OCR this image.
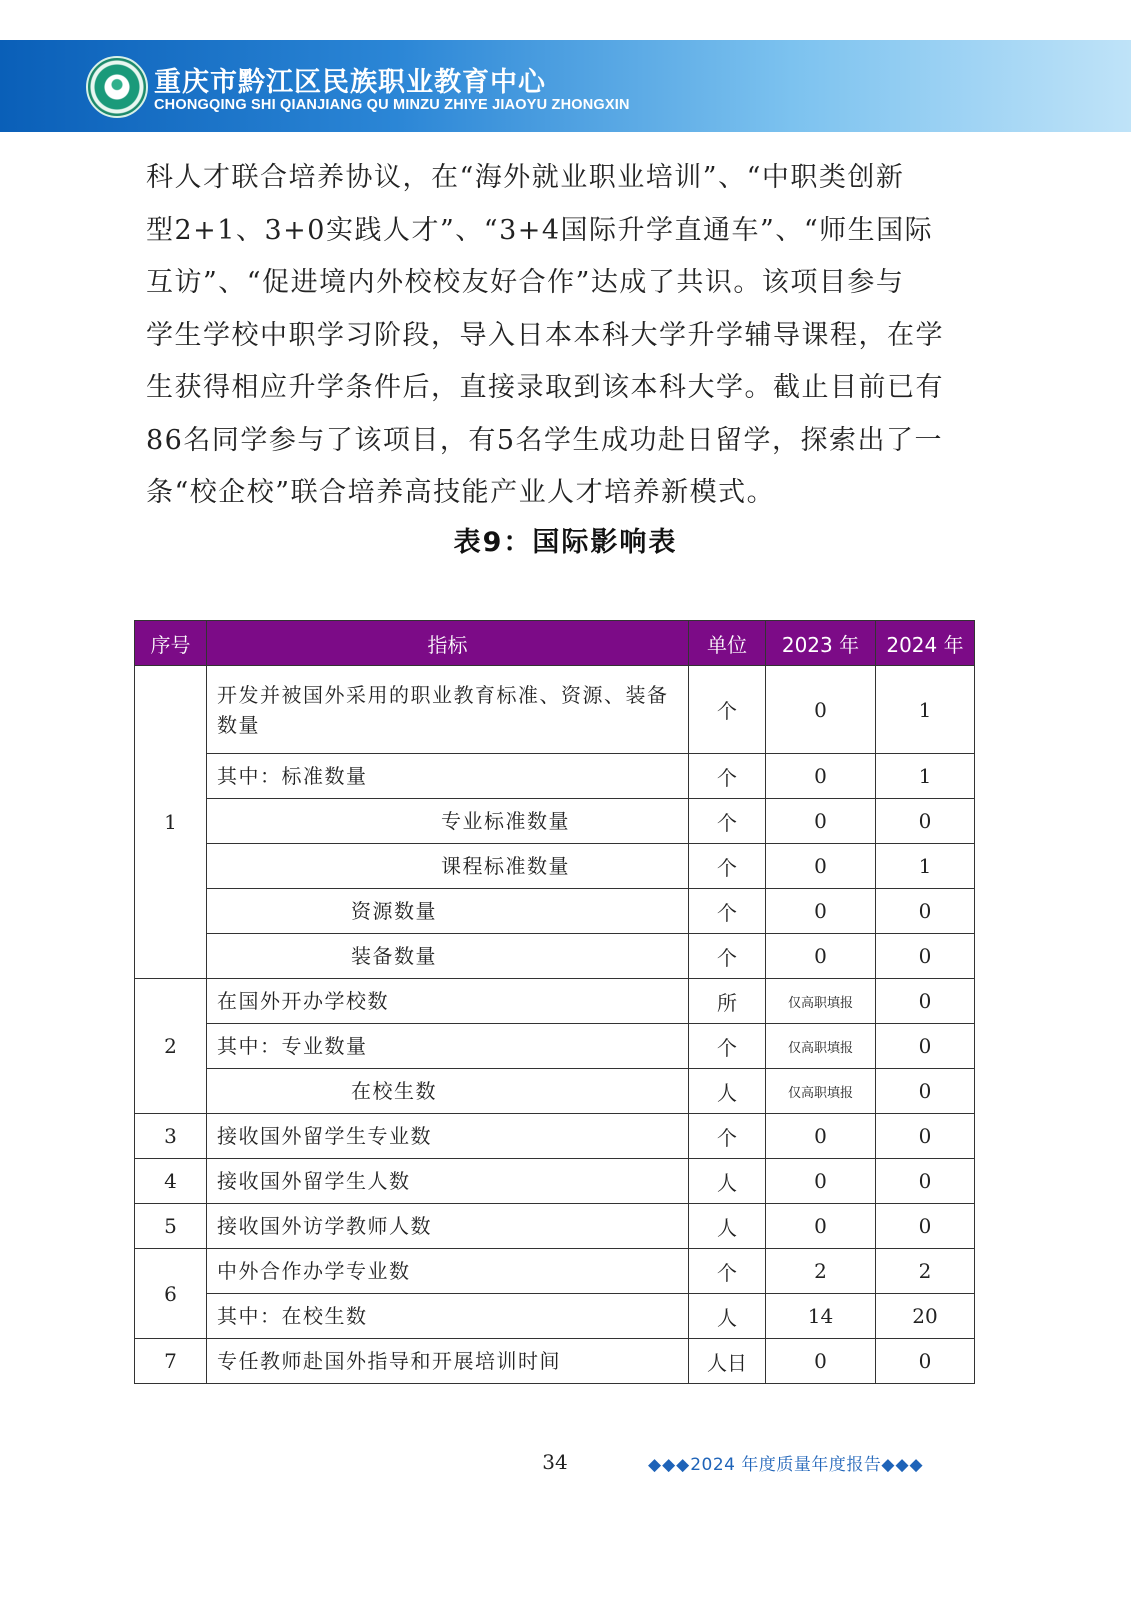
重庆市黔江区民族职业教育中心
CHONGQING SHI QIANJIANG QU MINZU ZHIYE JIAOYU ZHONGXIN
科人才联合培养协议，在“海外就业职业培训”、“中职类创新
型2+1、3+0实践人才”、“3+4国际升学直通车”、“师生国际
互访”、“促进境内外校校友好合作”达成了共识。该项目参与
学生学校中职学习阶段，导入日本本科大学升学辅导课程，在学
生获得相应升学条件后，直接录取到该本科大学。截止目前已有
86名同学参与了该项目，有5名学生成功赴日留学，探索出了一
条“校企校”联合培养高技能产业人才培养新模式。
表9：国际影响表
序号	指标	单位	2023 年	2024 年
1	开发并被国外采用的职业教育标准、资源、装备数量	个	0	1
	其中：标准数量	个	0	1
	专业标准数量	个	0	0
	课程标准数量	个	0	1
	资源数量	个	0	0
	装备数量	个	0	0
2	在国外开办学校数	所	仅高职填报	0
	其中：专业数量	个	仅高职填报	0
	在校生数	人	仅高职填报	0
3	接收国外留学生专业数	个	0	0
4	接收国外留学生人数	人	0	0
5	接收国外访学教师人数	人	0	0
6	中外合作办学专业数	个	2	2
	其中：在校生数	人	14	20
7	专任教师赴国外指导和开展培训时间	人日	0	0
34	◆◆◆2024 年度质量年度报告◆◆◆
